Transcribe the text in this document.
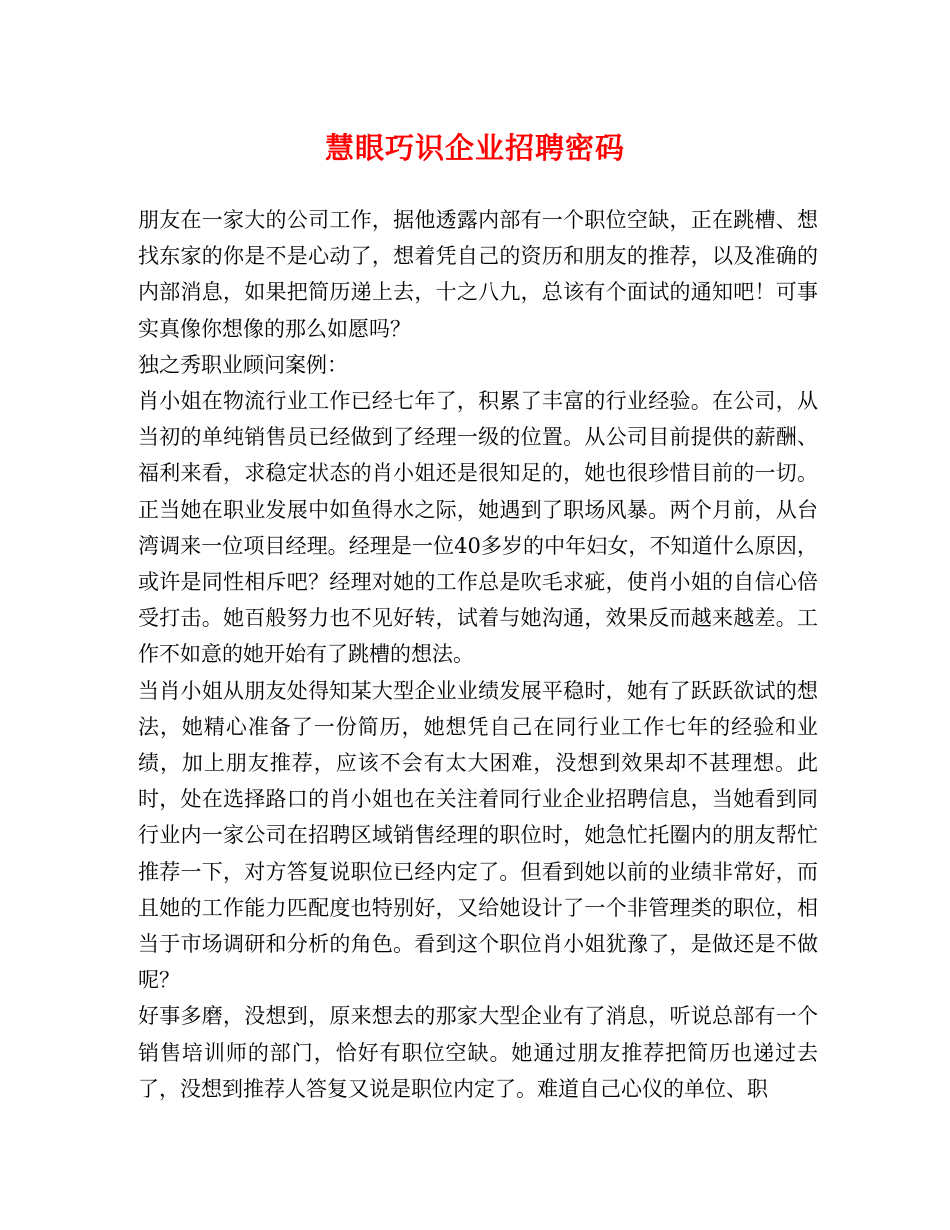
慧眼巧识企业招聘密码

朋友在一家大的公司工作，据他透露内部有一个职位空缺，正在跳槽、想找东家的你是不是心动了，想着凭自己的资历和朋友的推荐，以及准确的内部消息，如果把简历递上去，十之八九，总该有个面试的通知吧！可事实真像你想像的那么如愿吗？

独之秀职业顾问案例：

肖小姐在物流行业工作已经七年了，积累了丰富的行业经验。在公司，从当初的单纯销售员已经做到了经理一级的位置。从公司目前提供的薪酬、福利来看，求稳定状态的肖小姐还是很知足的，她也很珍惜目前的一切。正当她在职业发展中如鱼得水之际，她遇到了职场风暴。两个月前，从台湾调来一位项目经理。经理是一位40多岁的中年妇女，不知道什么原因，或许是同性相斥吧？经理对她的工作总是吹毛求疵，使肖小姐的自信心倍受打击。她百般努力也不见好转，试着与她沟通，效果反而越来越差。工作不如意的她开始有了跳槽的想法。

当肖小姐从朋友处得知某大型企业业绩发展平稳时，她有了跃跃欲试的想法，她精心准备了一份简历，她想凭自己在同行业工作七年的经验和业绩，加上朋友推荐，应该不会有太大困难，没想到效果却不甚理想。此时，处在选择路口的肖小姐也在关注着同行业企业招聘信息，当她看到同行业内一家公司在招聘区域销售经理的职位时，她急忙托圈内的朋友帮忙推荐一下，对方答复说职位已经内定了。但看到她以前的业绩非常好，而且她的工作能力匹配度也特别好，又给她设计了一个非管理类的职位，相当于市场调研和分析的角色。看到这个职位肖小姐犹豫了，是做还是不做呢？

好事多磨，没想到，原来想去的那家大型企业有了消息，听说总部有一个销售培训师的部门，恰好有职位空缺。她通过朋友推荐把简历也递过去了，没想到推荐人答复又说是职位内定了。难道自己心仪的单位、职
